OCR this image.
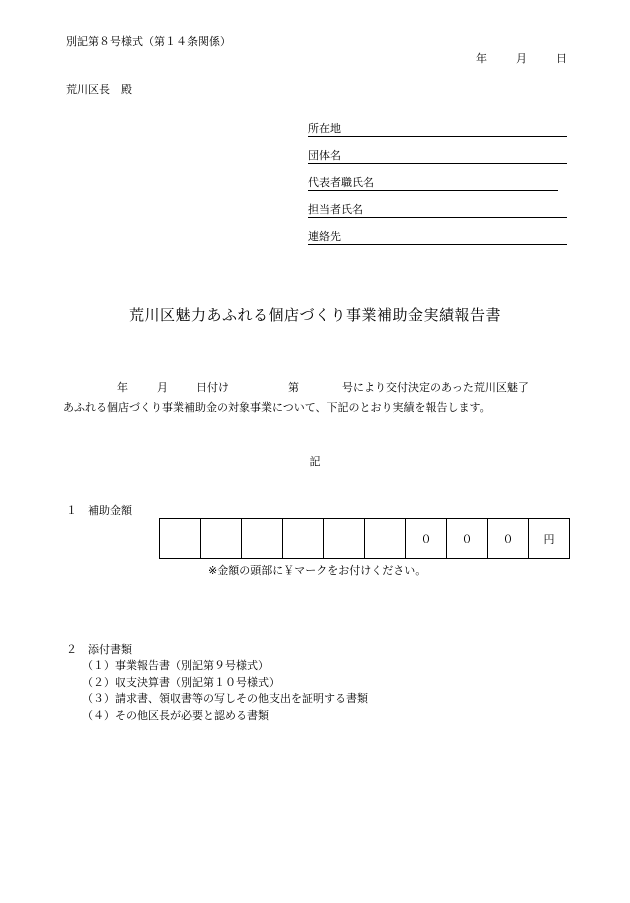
別記第８号様式（第１４条関係）
年	月	日
荒川区長　殿
所在地
団体名
代表者職氏名
担当者氏名
連絡先
荒川区魅力あふれる個店づくり事業補助金実績報告書
年	月	日付け	第	号により交付決定のあった荒川区魅了
あふれる個店づくり事業補助金の対象事業について、下記のとおり実績を報告します。
記
１　補助金額
						０	０	０	円
※金額の頭部に￥マークをお付けください。
２　添付書類
（１）事業報告書（別記第９号様式）
（２）収支決算書（別記第１０号様式）
（３）請求書、領収書等の写しその他支出を証明する書類
（４）その他区長が必要と認める書類
